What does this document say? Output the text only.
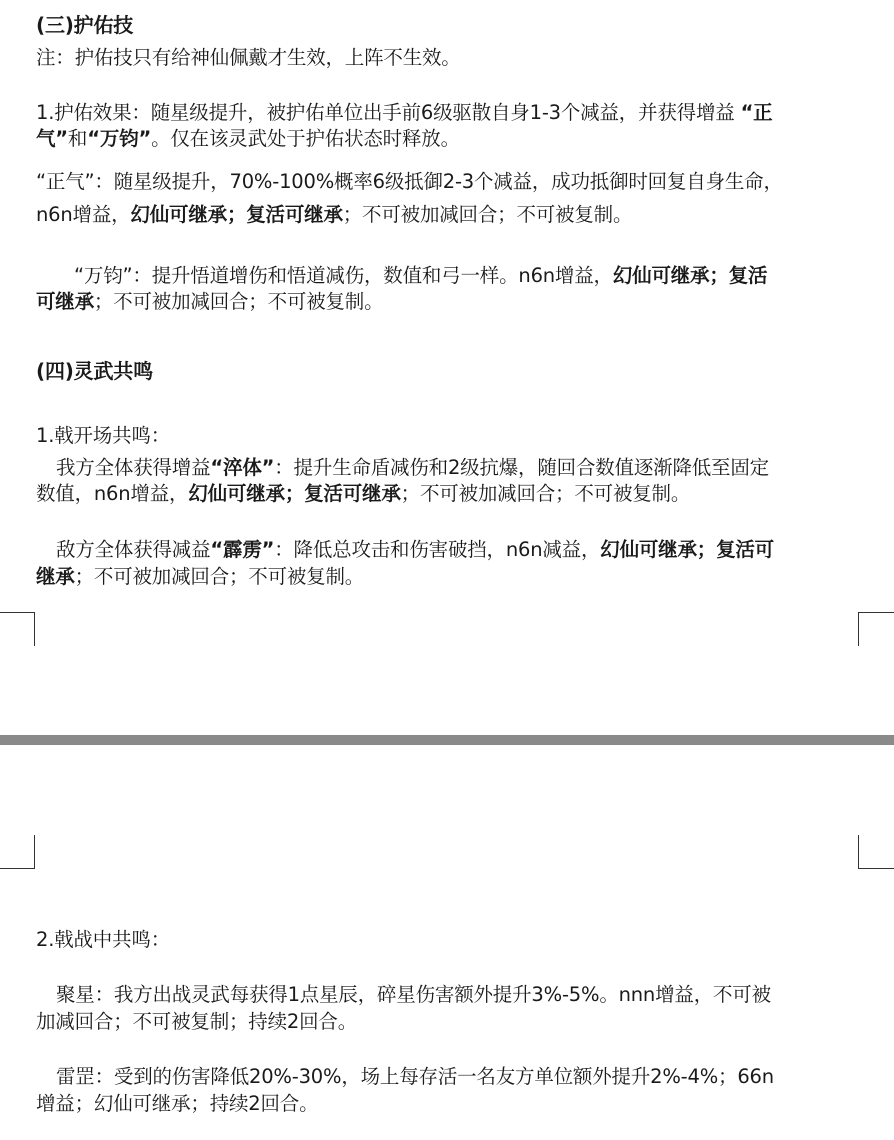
(三)护佑技
注：护佑技只有给神仙佩戴才生效，上阵不生效。
1.护佑效果：随星级提升，被护佑单位出手前6级驱散自身1-3个减益，并获得增益 “正
气”和“万钧”。仅在该灵武处于护佑状态时释放。
“正气”：随星级提升，70%-100%概率6级抵御2-3个减益，成功抵御时回复自身生命，
n6n增益，幻仙可继承；复活可继承；不可被加减回合；不可被复制。
“万钧”：提升悟道增伤和悟道减伤，数值和弓一样。n6n增益，幻仙可继承；复活
可继承；不可被加减回合；不可被复制。
(四)灵武共鸣
1.戟开场共鸣：
我方全体获得增益“淬体”：提升生命盾减伤和2级抗爆，随回合数值逐渐降低至固定
数值，n6n增益，幻仙可继承；复活可继承；不可被加减回合；不可被复制。
敌方全体获得减益“霹雳”：降低总攻击和伤害破挡，n6n减益，幻仙可继承；复活可
继承；不可被加减回合；不可被复制。
2.戟战中共鸣：
聚星：我方出战灵武每获得1点星辰，碎星伤害额外提升3%-5%。nnn增益，不可被
加减回合；不可被复制；持续2回合。
雷罡：受到的伤害降低20%-30%，场上每存活一名友方单位额外提升2%-4%；66n
增益；幻仙可继承；持续2回合。
